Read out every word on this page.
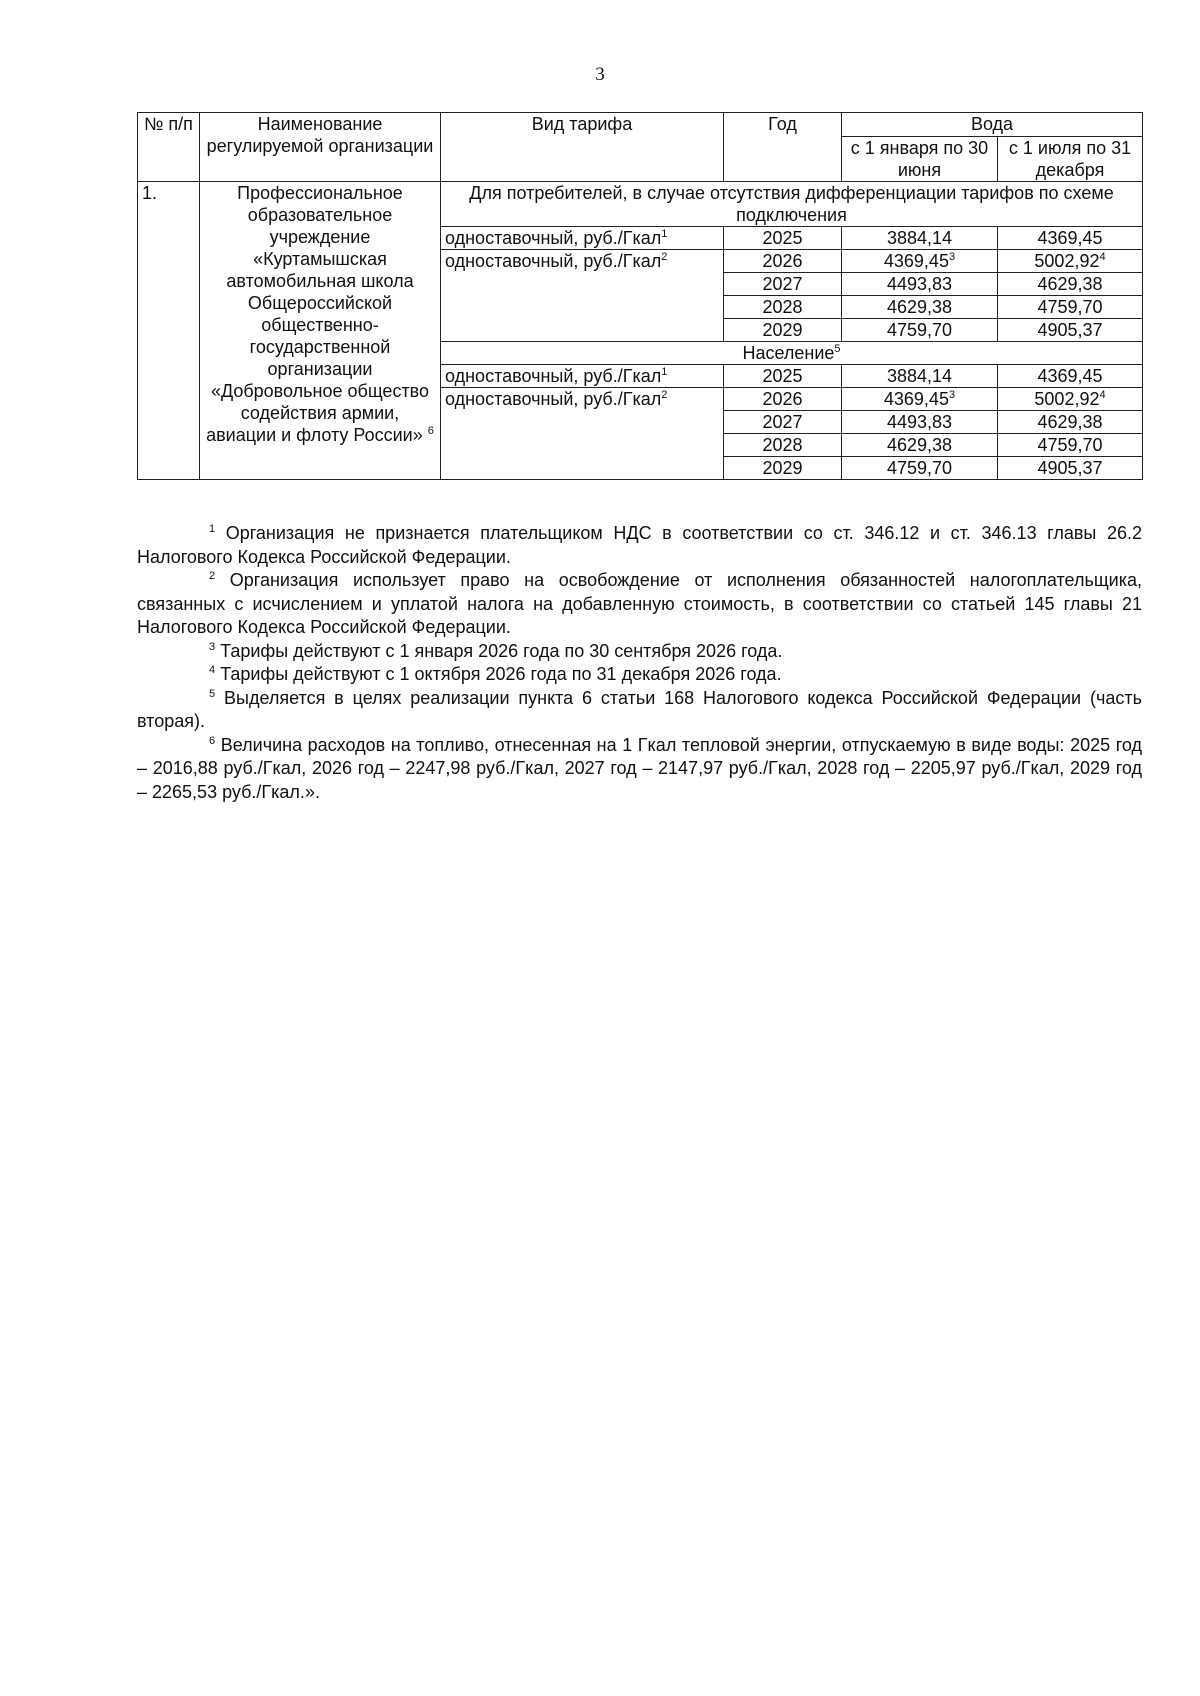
3
№ п/п	Наименование регулируемой организации	Вид тарифа	Год	Вода	
				с 1 января по 30 июня	с 1 июля по 31 декабря
1.	Профессиональное образовательное учреждение «Куртамышская автомобильная школа Общероссийской общественно-государственной организации «Добровольное общество содействия армии, авиации и флоту России» $^6$	Для потребителей, в случае отсутствия дифференциации тарифов по схеме подключения			
		одноставочный, руб./Гкал$^1$	2025	3884,14	4369,45
		одноставочный, руб./Гкал$^2$	2026	4369,45$^3$	5002,92$^4$
			2027	4493,83	4629,38
			2028	4629,38	4759,70
			2029	4759,70	4905,37
		Население$^5$
		одноставочный, руб./Гкал$^1$	2025	3884,14	4369,45
		одноставочный, руб./Гкал$^2$	2026	4369,45$^3$	5002,92$^4$
			2027	4493,83	4629,38
			2028	4629,38	4759,70
			2029	4759,70	4905,37

$^1$ Организация не признается плательщиком НДС в соответствии со ст. 346.12 и ст. 346.13 главы 26.2 Налогового Кодекса Российской Федерации.

$^2$ Организация использует право на освобождение от исполнения обязанностей налогоплательщика, связанных с исчислением и уплатой налога на добавленную стоимость, в соответствии со статьей 145 главы 21 Налогового Кодекса Российской Федерации.

$^3$ Тарифы действуют с 1 января 2026 года по 30 сентября 2026 года.

$^4$ Тарифы действуют с 1 октября 2026 года по 31 декабря 2026 года.

$^5$ Выделяется в целях реализации пункта 6 статьи 168 Налогового кодекса Российской Федерации (часть вторая).

$^6$ Величина расходов на топливо, отнесенная на 1 Гкал тепловой энергии, отпускаемую в виде воды: 2025 год – 2016,88 руб./Гкал, 2026 год – 2247,98 руб./Гкал, 2027 год – 2147,97 руб./Гкал, 2028 год – 2205,97 руб./Гкал, 2029 год – 2265,53 руб./Гкал.».
